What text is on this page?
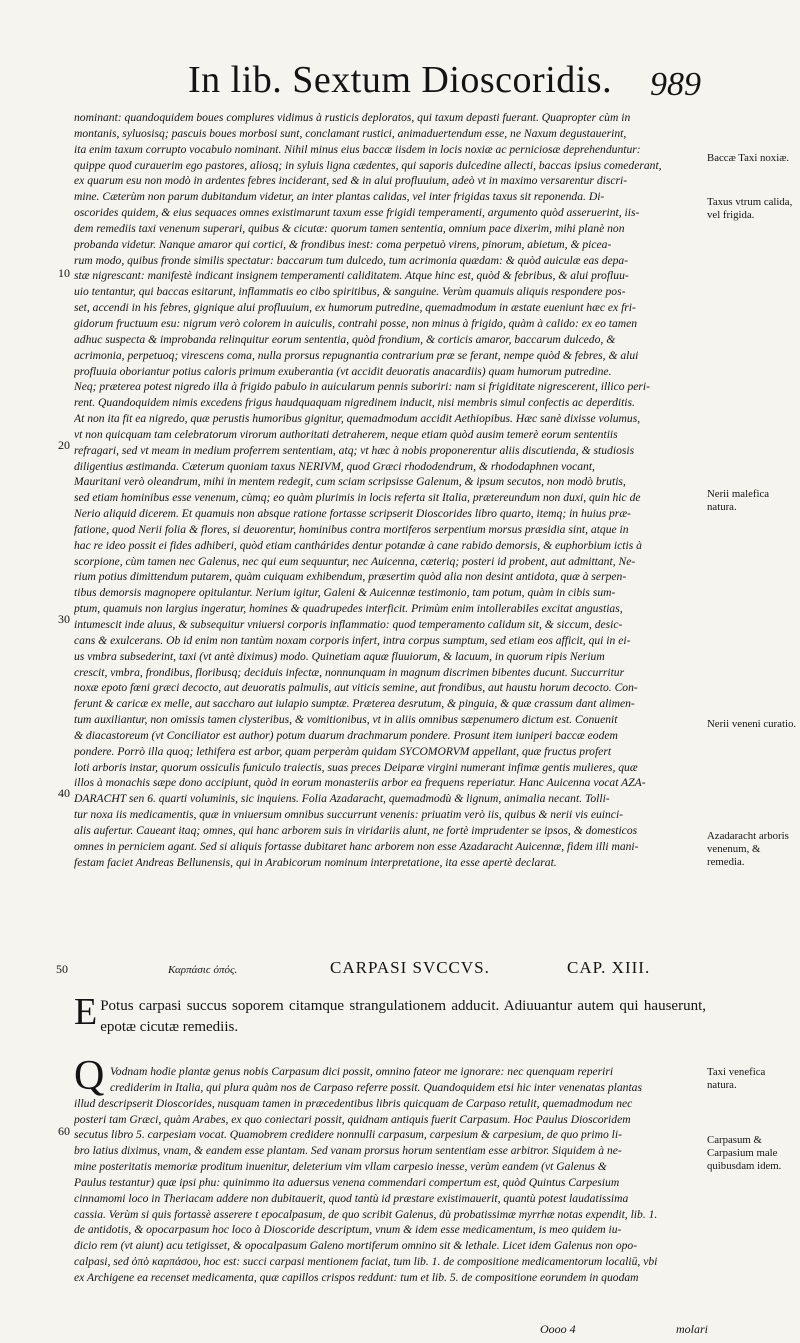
In lib. Sextum Dioscoridis. 989
nominant: quandoquidem boues complures vidimus à rusticis deploratos, qui taxum depasti fuerant. Quapropter cùm in
montanis, syluosisq; pascuis boues morbosi sunt, conclamant rustici, animaduertendum esse, ne Naxum degustauerint,
ita enim taxum corrupto vocabulo nominant. Nihil minus eius baccæ iisdem in locis noxiæ ac perniciosæ deprehenduntur:
quippe quod curauerim ego pastores, aliosq; in syluis ligna cædentes, qui saporis dulcedine allecti, baccas ipsius comederant,
ex quarum esu non modò in ardentes febres inciderant, sed & in alui profluuium, adeò vt in maximo versarentur discri-
mine. Cæterùm non parum dubitandum videtur, an inter plantas calidas, vel inter frigidas taxus sit reponenda. Di-
oscorides quidem, & eius sequaces omnes existimarunt taxum esse frigidi temperamenti, argumento quòd asseruerint, iis-
dem remediis taxi venenum superari, quibus & cicutæ: quorum tamen sententia, omnium pace dixerim, mihi planè non
probanda videtur. Nanque amaror qui cortici, & frondibus inest: coma perpetuò virens, pinorum, abietum, & picea-
rum modo, quibus fronde similis spectatur: baccarum tum dulcedo, tum acrimonia quædam: & quòd auiculæ eas depa-
stæ nigrescant: manifestè indicant insignem temperamenti caliditatem. Atque hinc est, quòd & febribus, & alui profluu-
uio tentantur, qui baccas esitarunt, inflammatis eo cibo spiritibus, & sanguine. Verùm quamuis aliquis respondere pos-
set, accendi in his febres, gignique alui profluuium, ex humorum putredine, quemadmodum in æstate eueniunt hæc ex fri-
gidorum fructuum esu: nigrum verò colorem in auiculis, contrahi posse, non minus à frigido, quàm à calido: ex eo tamen
adhuc suspecta & improbanda relinquitur eorum sententia, quòd frondium, & corticis amaror, baccarum dulcedo, &
acrimonia, perpetuoq; virescens coma, nulla prorsus repugnantia contrarium præ se ferant, nempe quòd & febres, & alui
profluuia oboriantur potius caloris primum exuberantia (vt accidit deuoratis anacardiis) quam humorum putredine.
Neq; præterea potest nigredo illa à frigido pabulo in auicularum pennis suboriri: nam si frigiditate nigrescerent, illico peri-
rent. Quandoquidem nimis excedens frigus haudquaquam nigredinem inducit, nisi membris simul confectis ac deperditis.
At non ita fit ea nigredo, quæ perustis humoribus gignitur, quemadmodum accidit Aethiopibus. Hæc sanè dixisse volumus,
vt non quicquam tam celebratorum virorum authoritati detraherem, neque etiam quòd ausim temerè eorum sententiis
refragari, sed vt meam in medium proferrem sententiam, atq; vt hæc à nobis proponerentur aliis discutienda, & studiosis
diligentius æstimanda. Cæterum quoniam taxus NERIVM, quod Græci rhododendrum, & rhododaphnen vocant,
Mauritani verò oleandrum, mihi in mentem redegit, cum sciam scripsisse Galenum, & ipsum secutos, non modò brutis,
sed etiam hominibus esse venenum, cùmq; eo quàm plurimis in locis referta sit Italia, prætereundum non duxi, quin hic de
Nerio aliquid dicerem. Et quamuis non absque ratione fortasse scripserit Dioscorides libro quarto, itemq; in huius præ-
fatione, quod Nerii folia & flores, si deuorentur, hominibus contra mortiferos serpentium morsus præsidia sint, atque in
hac re ideo possit ei fides adhiberi, quòd etiam canthárides dentur potandæ à cane rabido demorsis, & euphorbium ictis à
scorpione, cùm tamen nec Galenus, nec qui eum sequuntur, nec Auicenna, cæteriq; posteri id probent, aut admittant, Ne-
rium potius dimittendum putarem, quàm cuiquam exhibendum, præsertim quòd alia non desint antidota, quæ à serpen-
tibus demorsis magnopere opitulantur. Nerium igitur, Galeni & Auicennæ testimonio, tam potum, quàm in cibis sum-
ptum, quamuis non largius ingeratur, homines & quadrupedes interficit. Primùm enim intollerabiles excitat angustias,
intumescit inde aluus, & subsequitur vniuersi corporis inflammatio: quod temperamento calidum sit, & siccum, desic-
cans & exulcerans. Ob id enim non tantùm noxam corporis infert, intra corpus sumptum, sed etiam eos afficit, qui in ei-
us vmbra subsederint, taxi (vt antè diximus) modo. Quinetiam aquæ fluuiorum, & lacuum, in quorum ripis Nerium
crescit, vmbra, frondibus, floribusq; deciduis infectæ, nonnunquam in magnum discrimen bibentes ducunt. Succurritur
noxæ epoto fœni græci decocto, aut deuoratis palmulis, aut viticis semine, aut frondibus, aut haustu horum decocto. Con-
ferunt & caricæ ex melle, aut saccharo aut iulapio sumptæ. Præterea desrutum, & pinguia, & quæ crassum dant alimen-
tum auxiliantur, non omissis tamen clysteribus, & vomitionibus, vt in aliis omnibus sæpenumero dictum est. Conuenit
& diacastoreum (vt Conciliator est author) potum duarum drachmarum pondere. Prosunt item iuniperi baccæ eodem
pondere. Porrò illa quoq; lethifera est arbor, quam perperàm quidam SYCOMORVM appellant, quæ fructus profert
loti arboris instar, quorum ossiculis funiculo traiectis, suas preces Deiparæ virgini numerant infimæ gentis mulieres, quæ
illos à monachis sæpe dono accipiunt, quòd in eorum monasteriis arbor ea frequens reperiatur. Hanc Auicenna vocat AZA-
DARACHT sen 6. quarti voluminis, sic inquiens. Folia Azadaracht, quemadmodù & lignum, animalia necant. Tolli-
tur noxa iis medicamentis, quæ in vniuersum omnibus succurrunt venenis: priuatim verò iis, quibus & nerii vis euinci-
alis aufertur. Caueant itaq; omnes, qui hanc arborem suis in viridariis alunt, ne fortè imprudenter se ipsos, & domesticos
omnes in perniciem agant. Sed si aliquis fortasse dubitaret hanc arborem non esse Azadaracht Auicennæ, fidem illi mani-
festam faciet Andreas Bellunensis, qui in Arabicorum nominum interpretatione, ita esse apertè declarat.
10
20
30
40
60
Baccæ Taxi noxiæ.
Taxus vtrum calida, vel frigida.
Nerii malefica natura.
Nerii veneni curatio.
Azadaracht arboris venenum, & remedia.
Taxi venefica natura.
Carpasum & Carpasium male quibusdam idem.
50	Καρπάσιϲ ὀπός.	CARPASI SVCCVS.	CAP. XIII.
E Potus carpasi succus soporem citamque strangulationem adducit. Adiuuantur autem qui hauserunt, epotæ cicutæ remediis.
Q Vodnam hodie plantæ genus nobis Carpasum dici possit, omnino fateor me ignorare: nec quenquam reperiri
crediderim in Italia, qui plura quàm nos de Carpaso referre possit. Quandoquidem etsi hic inter venenatas plantas
illud descripserit Dioscorides, nusquam tamen in præcedentibus libris quicquam de Carpaso retulit, quemadmodum nec
posteri tam Græci, quàm Arabes, ex quo coniectari possit, quidnam antiquis fuerit Carpasum. Hoc Paulus Dioscoridem
secutus libro 5. carpesiam vocat. Quamobrem credidere nonnulli carpasum, carpesium & carpesium, de quo primo li-
bro latius diximus, vnam, & eandem esse plantam. Sed vanam prorsus horum sententiam esse arbitror. Siquidem à ne-
mine posteritatis memoriæ proditum inuenitur, deleterium vim vllam carpesio inesse, verùm eandem (vt Galenus &
Paulus testantur) quæ ipsi phu: quinimmo ita aduersus venena commendari compertum est, quòd Quintus Carpesium
cinnamomi loco in Theriacam addere non dubitauerit, quod tantù id præstare existimauerit, quantù potest laudatissima
cassia. Verùm si quis fortassè asserere t epocalpasum, de quo scribit Galenus, dù probatissimæ myrrhæ notas expendit, lib. 1.
de antidotis, & opocarpasum hoc loco à Dioscoride descriptum, vnum & idem esse medicamentum, is meo quidem iu-
dicio rem (vt aiunt) acu tetigisset, & opocalpasum Galeno mortiferum omnino sit & lethale. Licet idem Galenus non opo-
calpasi, sed ὀπὸ καρπάσου, hoc est: succi carpasi mentionem faciat, tum lib. 1. de compositione medicamentorum localiū, vbi
ex Archigene ea recenset medicamenta, quæ capillos crispos reddunt: tum et lib. 5. de compositione eorundem in quodam
Oooo 4	molari
